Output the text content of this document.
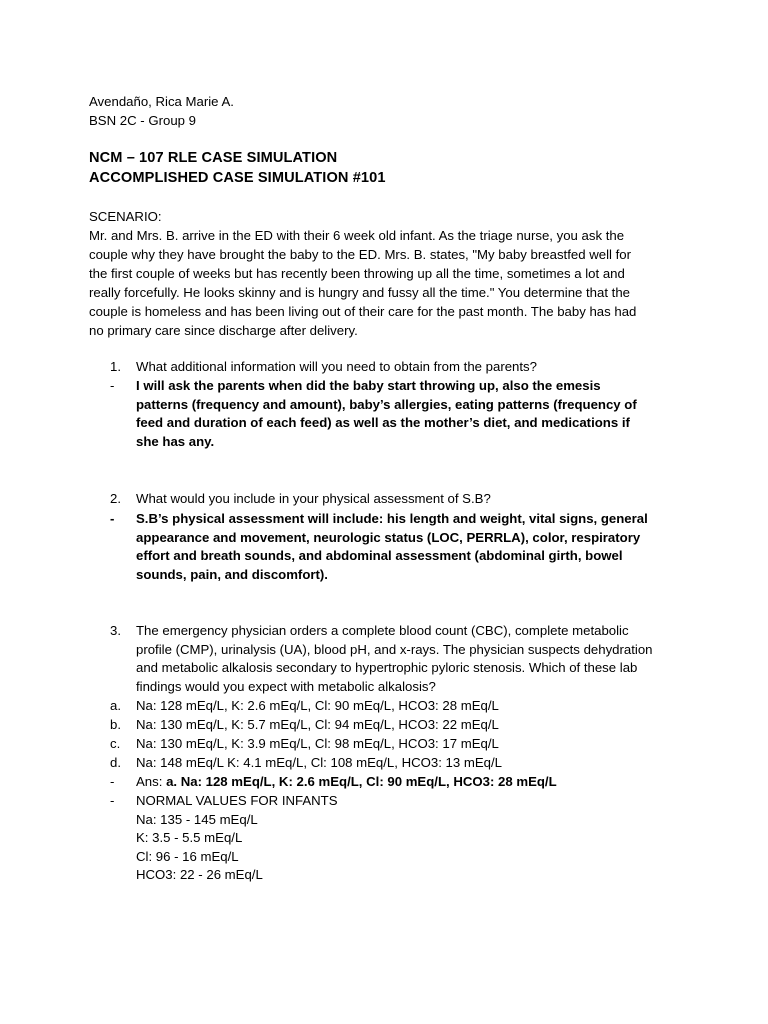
Avendaño, Rica Marie A.
BSN 2C - Group 9
NCM – 107 RLE CASE SIMULATION
ACCOMPLISHED CASE SIMULATION #101
SCENARIO:
Mr. and Mrs. B. arrive in the ED with their 6 week old infant. As the triage nurse, you ask the
couple why they have brought the baby to the ED. Mrs. B. states, "My baby breastfed well for
the first couple of weeks but has recently been throwing up all the time, sometimes a lot and
really forcefully. He looks skinny and is hungry and fussy all the time." You determine that the
couple is homeless and has been living out of their care for the past month. The baby has had
no primary care since discharge after delivery.
1.	What additional information will you need to obtain from the parents?
-	I will ask the parents when did the baby start throwing up, also the emesis
patterns (frequency and amount), baby’s allergies, eating patterns (frequency of
feed and duration of each feed) as well as the mother’s diet, and medications if
she has any.
2.	What would you include in your physical assessment of S.B?
-	S.B’s physical assessment will include: his length and weight, vital signs, general
appearance and movement, neurologic status (LOC, PERRLA), color, respiratory
effort and breath sounds, and abdominal assessment (abdominal girth, bowel
sounds, pain, and discomfort).
3.	The emergency physician orders a complete blood count (CBC), complete metabolic
profile (CMP), urinalysis (UA), blood pH, and x-rays. The physician suspects dehydration
and metabolic alkalosis secondary to hypertrophic pyloric stenosis. Which of these lab
findings would you expect with metabolic alkalosis?
a.	Na: 128 mEq/L, K: 2.6 mEq/L, Cl: 90 mEq/L, HCO3: 28 mEq/L
b.	Na: 130 mEq/L, K: 5.7 mEq/L, Cl: 94 mEq/L, HCO3: 22 mEq/L
c.	Na: 130 mEq/L, K: 3.9 mEq/L, Cl: 98 mEq/L, HCO3: 17 mEq/L
d.	Na: 148 mEq/L K: 4.1 mEq/L, Cl: 108 mEq/L, HCO3: 13 mEq/L
-	Ans: a. Na: 128 mEq/L, K: 2.6 mEq/L, Cl: 90 mEq/L, HCO3: 28 mEq/L
-	NORMAL VALUES FOR INFANTS
Na: 135 - 145 mEq/L
K: 3.5 - 5.5 mEq/L
Cl: 96 - 16 mEq/L
HCO3: 22 - 26 mEq/L
